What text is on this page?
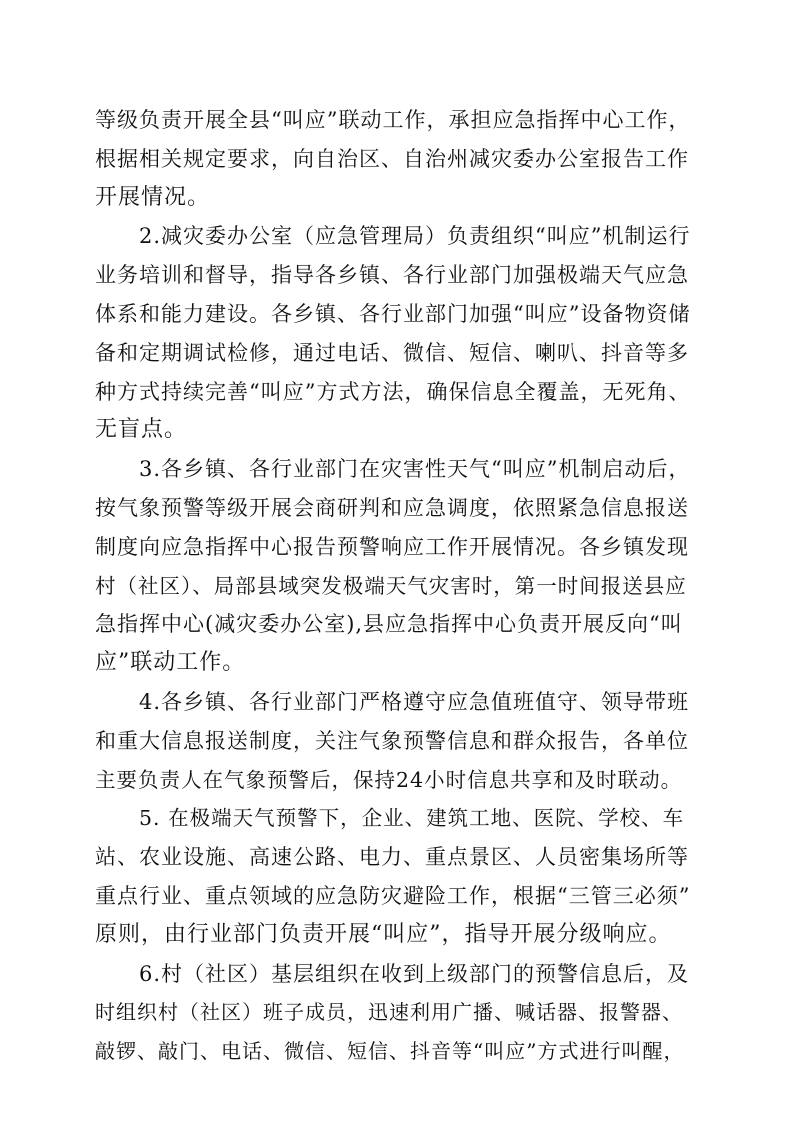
等级负责开展全县“叫应”联动工作，承担应急指挥中心工作，

根据相关规定要求，向自治区、自治州减灾委办公室报告工作

开展情况。

2.减灾委办公室（应急管理局）负责组织“叫应”机制运行

业务培训和督导，指导各乡镇、各行业部门加强极端天气应急

体系和能力建设。各乡镇、各行业部门加强“叫应”设备物资储

备和定期调试检修，通过电话、微信、短信、喇叭、抖音等多

种方式持续完善“叫应”方式方法，确保信息全覆盖，无死角、

无盲点。

3.各乡镇、各行业部门在灾害性天气“叫应”机制启动后，

按气象预警等级开展会商研判和应急调度，依照紧急信息报送

制度向应急指挥中心报告预警响应工作开展情况。各乡镇发现

村（社区）、局部县域突发极端天气灾害时，第一时间报送县应

急指挥中心(减灾委办公室),县应急指挥中心负责开展反向“叫

应”联动工作。

4.各乡镇、各行业部门严格遵守应急值班值守、领导带班

和重大信息报送制度，关注气象预警信息和群众报告，各单位

主要负责人在气象预警后，保持24小时信息共享和及时联动。

5. 在极端天气预警下，企业、建筑工地、医院、学校、车

站、农业设施、高速公路、电力、重点景区、人员密集场所等

重点行业、重点领域的应急防灾避险工作，根据“三管三必须”

原则，由行业部门负责开展“叫应”，指导开展分级响应。

6.村（社区）基层组织在收到上级部门的预警信息后，及

时组织村（社区）班子成员，迅速利用广播、喊话器、报警器、

敲锣、敲门、电话、微信、短信、抖音等“叫应”方式进行叫醒，
